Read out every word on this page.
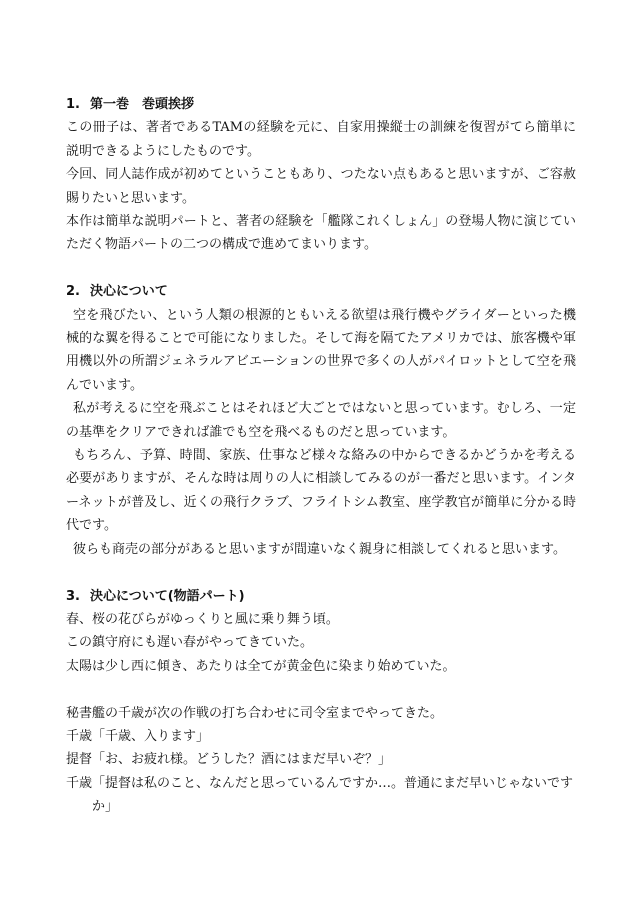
1. 第一巻　巻頭挨拶

この冊子は、著者であるTAMの経験を元に、自家用操縦士の訓練を復習がてら簡単に説明できるようにしたものです。

今回、同人誌作成が初めてということもあり、つたない点もあると思いますが、ご容赦賜りたいと思います。

本作は簡単な説明パートと、著者の経験を「艦隊これくしょん」の登場人物に演じていただく物語パートの二つの構成で進めてまいります。

2. 決心について

空を飛びたい、という人類の根源的ともいえる欲望は飛行機やグライダーといった機械的な翼を得ることで可能になりました。そして海を隔てたアメリカでは、旅客機や軍用機以外の所謂ジェネラルアビエーションの世界で多くの人がパイロットとして空を飛んでいます。

私が考えるに空を飛ぶことはそれほど大ごとではないと思っています。むしろ、一定の基準をクリアできれば誰でも空を飛べるものだと思っています。

もちろん、予算、時間、家族、仕事など様々な絡みの中からできるかどうかを考える必要がありますが、そんな時は周りの人に相談してみるのが一番だと思います。インターネットが普及し、近くの飛行クラブ、フライトシム教室、座学教官が簡単に分かる時代です。

彼らも商売の部分があると思いますが間違いなく親身に相談してくれると思います。

3. 決心について(物語パート)

春、桜の花びらがゆっくりと風に乗り舞う頃。

この鎮守府にも遅い春がやってきていた。

太陽は少し西に傾き、あたりは全てが黄金色に染まり始めていた。

秘書艦の千歳が次の作戦の打ち合わせに司令室までやってきた。

千歳「千歳、入ります」

提督「お、お疲れ様。どうした？酒にはまだ早いぞ？」

千歳「提督は私のこと、なんだと思っているんですか…。普通にまだ早いじゃないですか」
